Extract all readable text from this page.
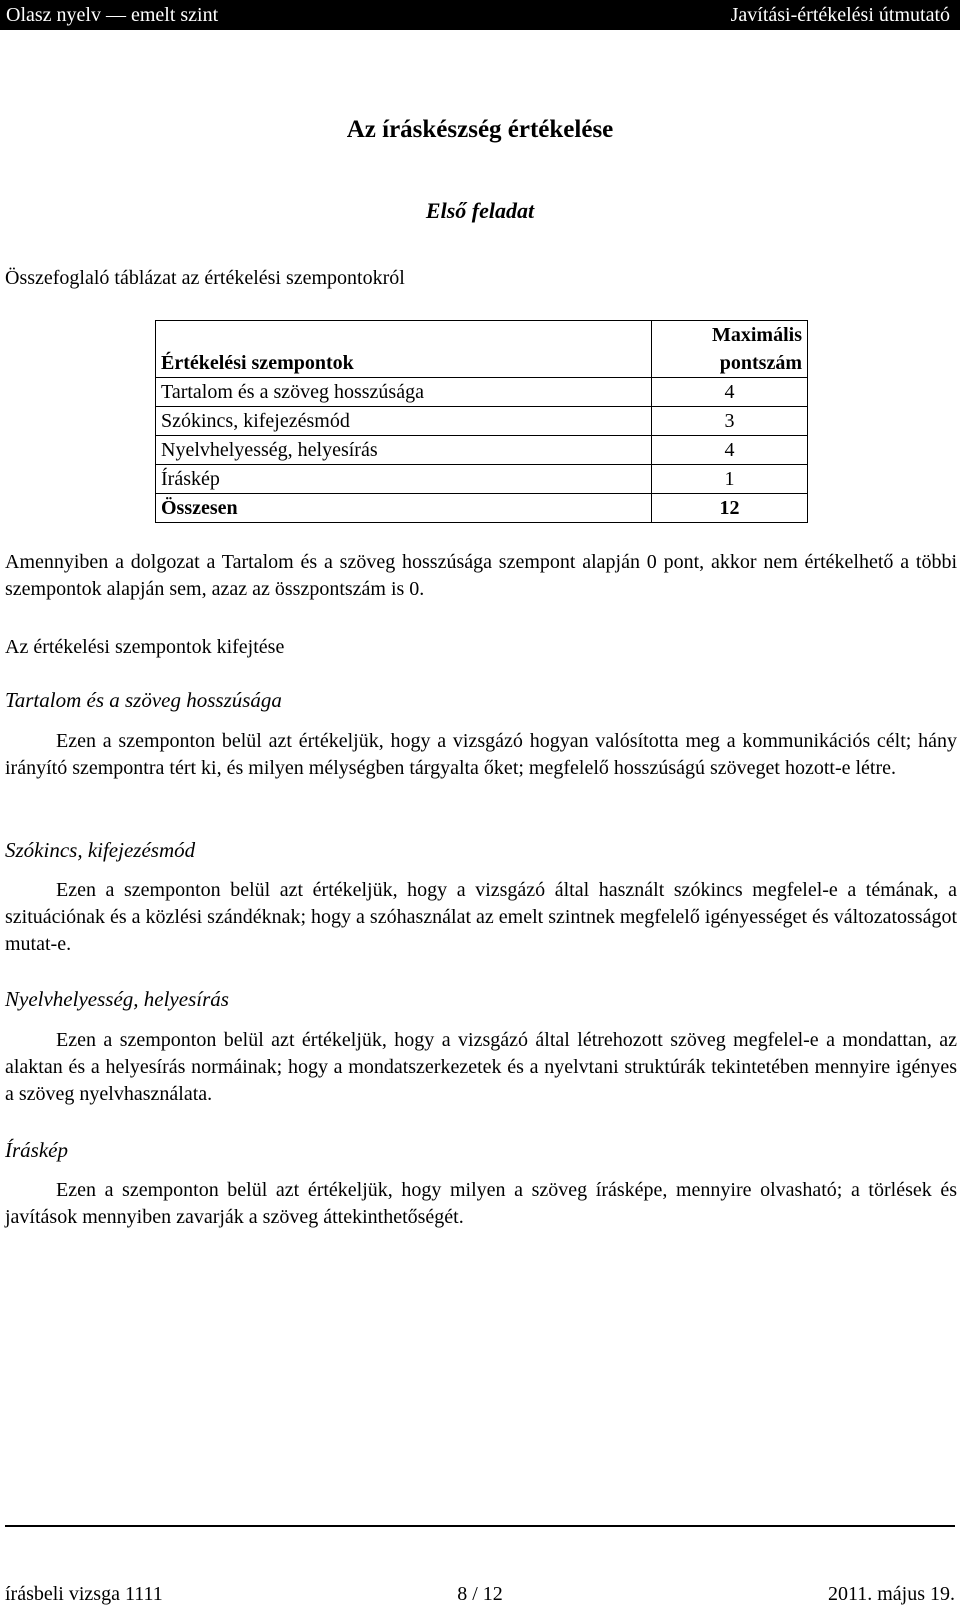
Olasz nyelv — emelt szint	Javítási-értékelési útmutató
Az íráskészség értékelése
Első feladat
Összefoglaló táblázat az értékelési szempontokról
Értékelési szempontok	Maximális
pontszám
Tartalom és a szöveg hosszúsága	4
Szókincs, kifejezésmód	3
Nyelvhelyesség, helyesírás	4
Íráskép	1
Összesen	12
Amennyiben a dolgozat a Tartalom és a szöveg hosszúsága szempont alapján 0 pont, akkor nem értékelhető a többi szempontok alapján sem, azaz az összpontszám is 0.
Az értékelési szempontok kifejtése
Tartalom és a szöveg hosszúsága
Ezen a szemponton belül azt értékeljük, hogy a vizsgázó hogyan valósította meg a kommunikációs célt; hány irányító szempontra tért ki, és milyen mélységben tárgyalta őket; megfelelő hosszúságú szöveget hozott-e létre.
Szókincs, kifejezésmód
Ezen a szemponton belül azt értékeljük, hogy a vizsgázó által használt szókincs megfelel-e a témának, a szituációnak és a közlési szándéknak; hogy a szóhasználat az emelt szintnek megfelelő igényességet és változatosságot mutat-e.
Nyelvhelyesség, helyesírás
Ezen a szemponton belül azt értékeljük, hogy a vizsgázó által létrehozott szöveg megfelel-e a mondattan, az alaktan és a helyesírás normáinak; hogy a mondatszerkezetek és a nyelvtani struktúrák tekintetében mennyire igényes a szöveg nyelvhasználata.
Íráskép
Ezen a szemponton belül azt értékeljük, hogy milyen a szöveg írásképe, mennyire olvasható; a törlések és javítások mennyiben zavarják a szöveg áttekinthetőségét.
írásbeli vizsga 1111	8 / 12	2011. május 19.
